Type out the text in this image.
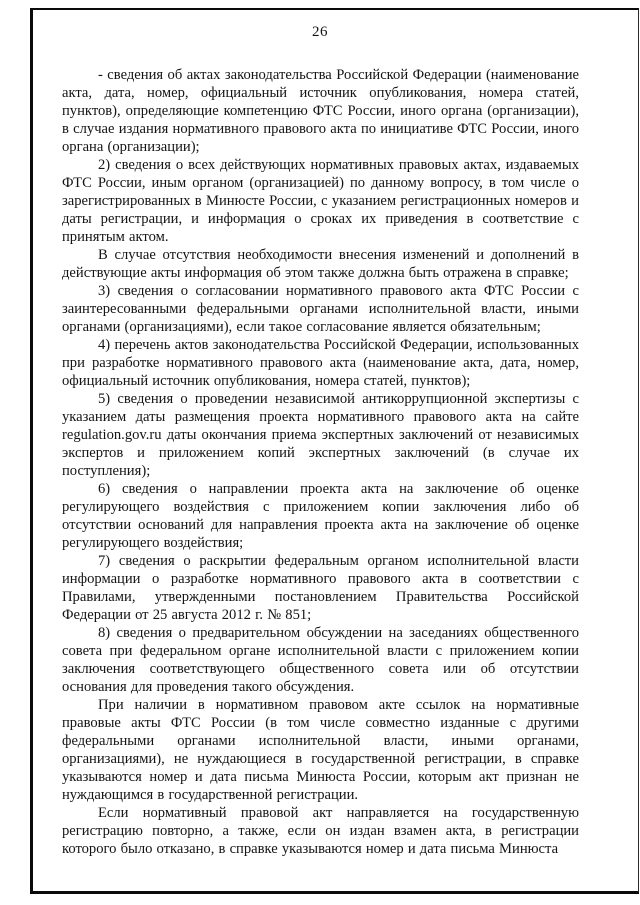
26

- сведения об актах законодательства Российской Федерации (наименование акта, дата, номер, официальный источник опубликования, номера статей, пунктов), определяющие компетенцию ФТС России, иного органа (организации), в случае издания нормативного правового акта по инициативе ФТС России, иного органа (организации);

2) сведения о всех действующих нормативных правовых актах, издаваемых ФТС России, иным органом (организацией) по данному вопросу, в том числе о зарегистрированных в Минюсте России, с указанием регистрационных номеров и даты регистрации, и информация о сроках их приведения в соответствие с принятым актом.

В случае отсутствия необходимости внесения изменений и дополнений в действующие акты информация об этом также должна быть отражена в справке;

3) сведения о согласовании нормативного правового акта ФТС России с заинтересованными федеральными органами исполнительной власти, иными органами (организациями), если такое согласование является обязательным;

4) перечень актов законодательства Российской Федерации, использованных при разработке нормативного правового акта (наименование акта, дата, номер, официальный источник опубликования, номера статей, пунктов);

5) сведения о проведении независимой антикоррупционной экспертизы с указанием даты размещения проекта нормативного правового акта на сайте regulation.gov.ru даты окончания приема экспертных заключений от независимых экспертов и приложением копий экспертных заключений (в случае их поступления);

6) сведения о направлении проекта акта на заключение об оценке регулирующего воздействия с приложением копии заключения либо об отсутствии оснований для направления проекта акта на заключение об оценке регулирующего воздействия;

7) сведения о раскрытии федеральным органом исполнительной власти информации о разработке нормативного правового акта в соответствии с Правилами, утвержденными постановлением Правительства Российской Федерации от 25 августа 2012 г. № 851;

8) сведения о предварительном обсуждении на заседаниях общественного совета при федеральном органе исполнительной власти с приложением копии заключения соответствующего общественного совета или об отсутствии основания для проведения такого обсуждения.

При наличии в нормативном правовом акте ссылок на нормативные правовые акты ФТС России (в том числе совместно изданные с другими федеральными органами исполнительной власти, иными органами, организациями), не нуждающиеся в государственной регистрации, в справке указываются номер и дата письма Минюста России, которым акт признан не нуждающимся в государственной регистрации.

Если нормативный правовой акт направляется на государственную регистрацию повторно, а также, если он издан взамен акта, в регистрации которого было отказано, в справке указываются номер и дата письма Минюста
